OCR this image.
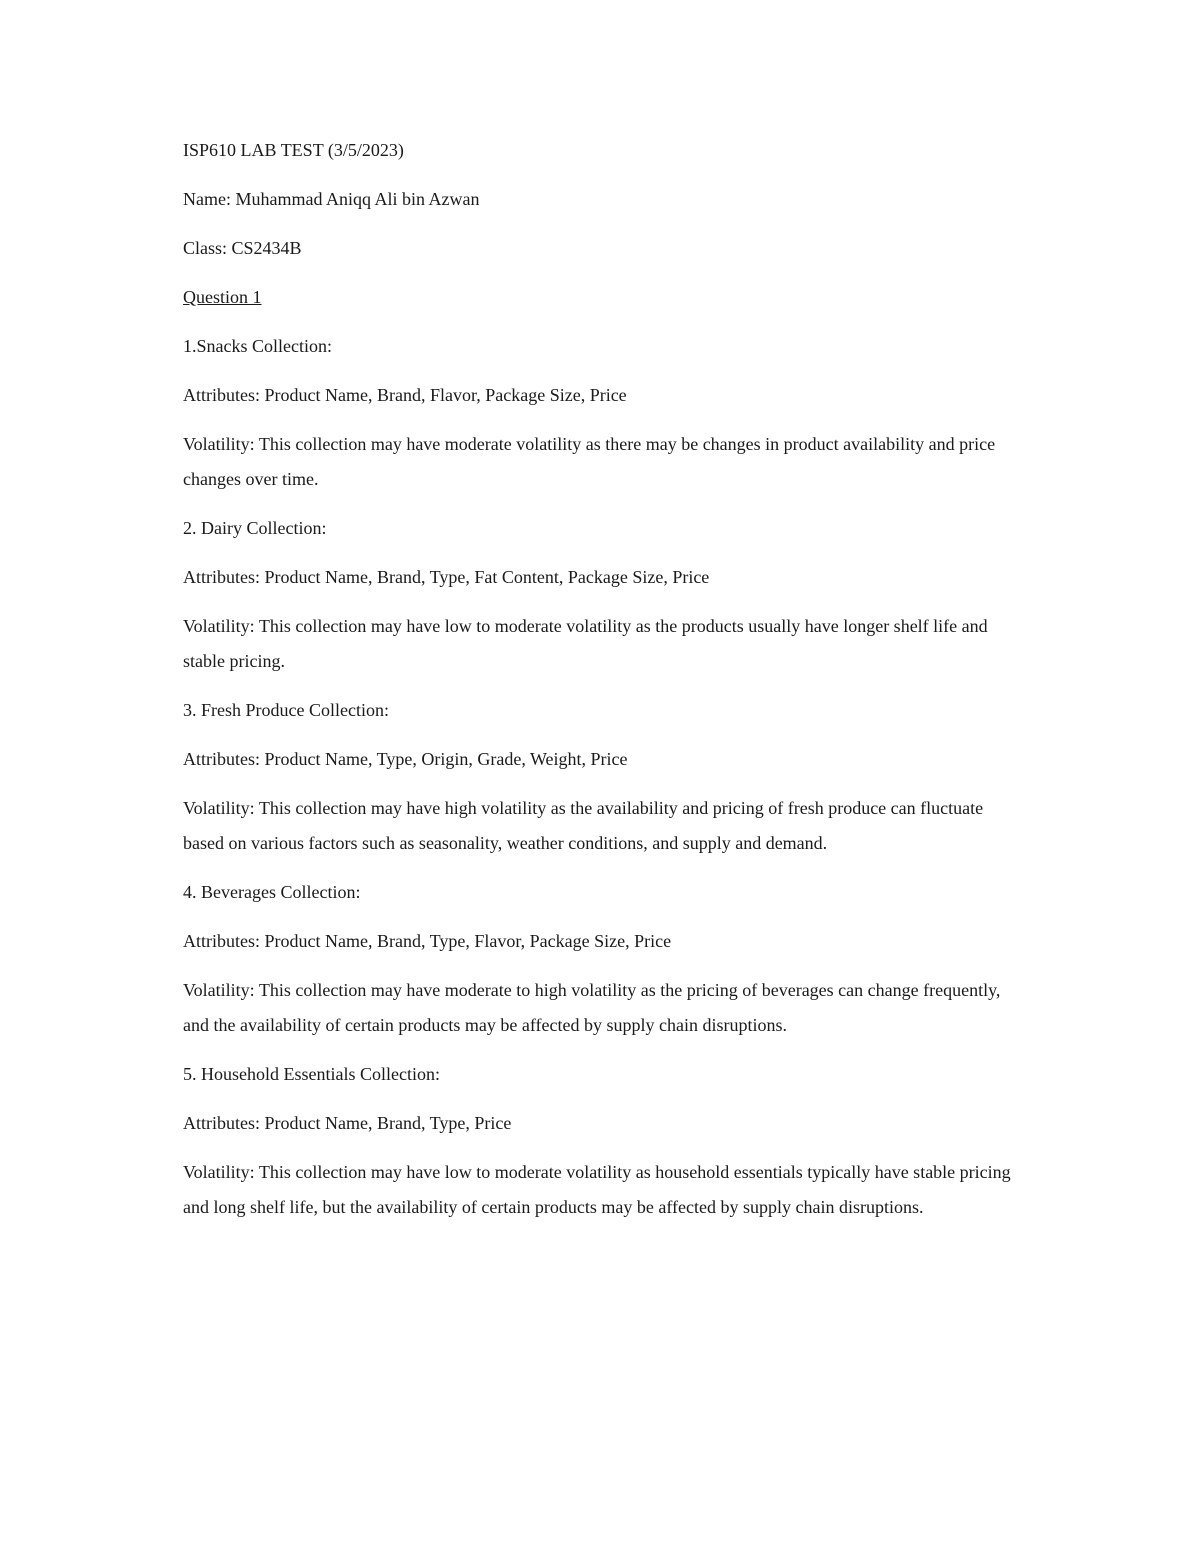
ISP610 LAB TEST (3/5/2023)

Name: Muhammad Aniqq Ali bin Azwan

Class: CS2434B

Question 1

1.Snacks Collection:

Attributes: Product Name, Brand, Flavor, Package Size, Price

Volatility: This collection may have moderate volatility as there may be changes in product availability and price changes over time.

2. Dairy Collection:

Attributes: Product Name, Brand, Type, Fat Content, Package Size, Price

Volatility: This collection may have low to moderate volatility as the products usually have longer shelf life and stable pricing.

3. Fresh Produce Collection:

Attributes: Product Name, Type, Origin, Grade, Weight, Price

Volatility: This collection may have high volatility as the availability and pricing of fresh produce can fluctuate based on various factors such as seasonality, weather conditions, and supply and demand.

4. Beverages Collection:

Attributes: Product Name, Brand, Type, Flavor, Package Size, Price

Volatility: This collection may have moderate to high volatility as the pricing of beverages can change frequently, and the availability of certain products may be affected by supply chain disruptions.

5. Household Essentials Collection:

Attributes: Product Name, Brand, Type, Price

Volatility: This collection may have low to moderate volatility as household essentials typically have stable pricing and long shelf life, but the availability of certain products may be affected by supply chain disruptions.
